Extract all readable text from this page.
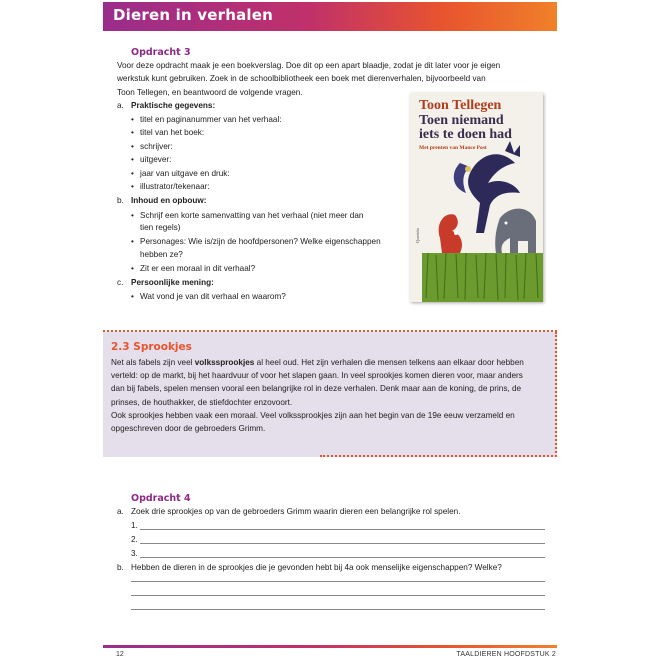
Dieren in verhalen
Opdracht 3
Voor deze opdracht maak je een boekverslag. Doe dit op een apart blaadje, zodat je dit later voor je eigen
werkstuk kunt gebruiken. Zoek in de schoolbibliotheek een boek met dierenverhalen, bijvoorbeeld van
Toon Tellegen, en beantwoord de volgende vragen.
a. Praktische gegevens:
• titel en paginanummer van het verhaal:
• titel van het boek:
• schrijver:
• uitgever:
• jaar van uitgave en druk:
• illustrator/tekenaar:
b. Inhoud en opbouw:
• Schrijf een korte samenvatting van het verhaal (niet meer dan
tien regels)
• Personages: Wie is/zijn de hoofdpersonen? Welke eigenschappen
hebben ze?
• Zit er een moraal in dit verhaal?
c. Persoonlijke mening:
• Wat vond je van dit verhaal en waarom?
Toon Tellegen
Toen niemand
iets te doen had
Met prenten van Mance Post
Querido
2.3 Sprookjes
Net als fabels zijn veel volkssprookjes al heel oud. Het zijn verhalen die mensen telkens aan elkaar door hebben
verteld: op de markt, bij het haardvuur of voor het slapen gaan. In veel sprookjes komen dieren voor, maar anders
dan bij fabels, spelen mensen vooral een belangrijke rol in deze verhalen. Denk maar aan de koning, de prins, de
prinses, de houthakker, de stiefdochter enzovoort.
Ook sprookjes hebben vaak een moraal. Veel volkssprookjes zijn aan het begin van de 19e eeuw verzameld en
opgeschreven door de gebroeders Grimm.
Opdracht 4
a. Zoek drie sprookjes op van de gebroeders Grimm waarin dieren een belangrijke rol spelen.
1.
2.
3.
b. Hebben de dieren in de sprookjes die je gevonden hebt bij 4a ook menselijke eigenschappen? Welke?
12	TAALDIEREN HOOFDSTUK 2
